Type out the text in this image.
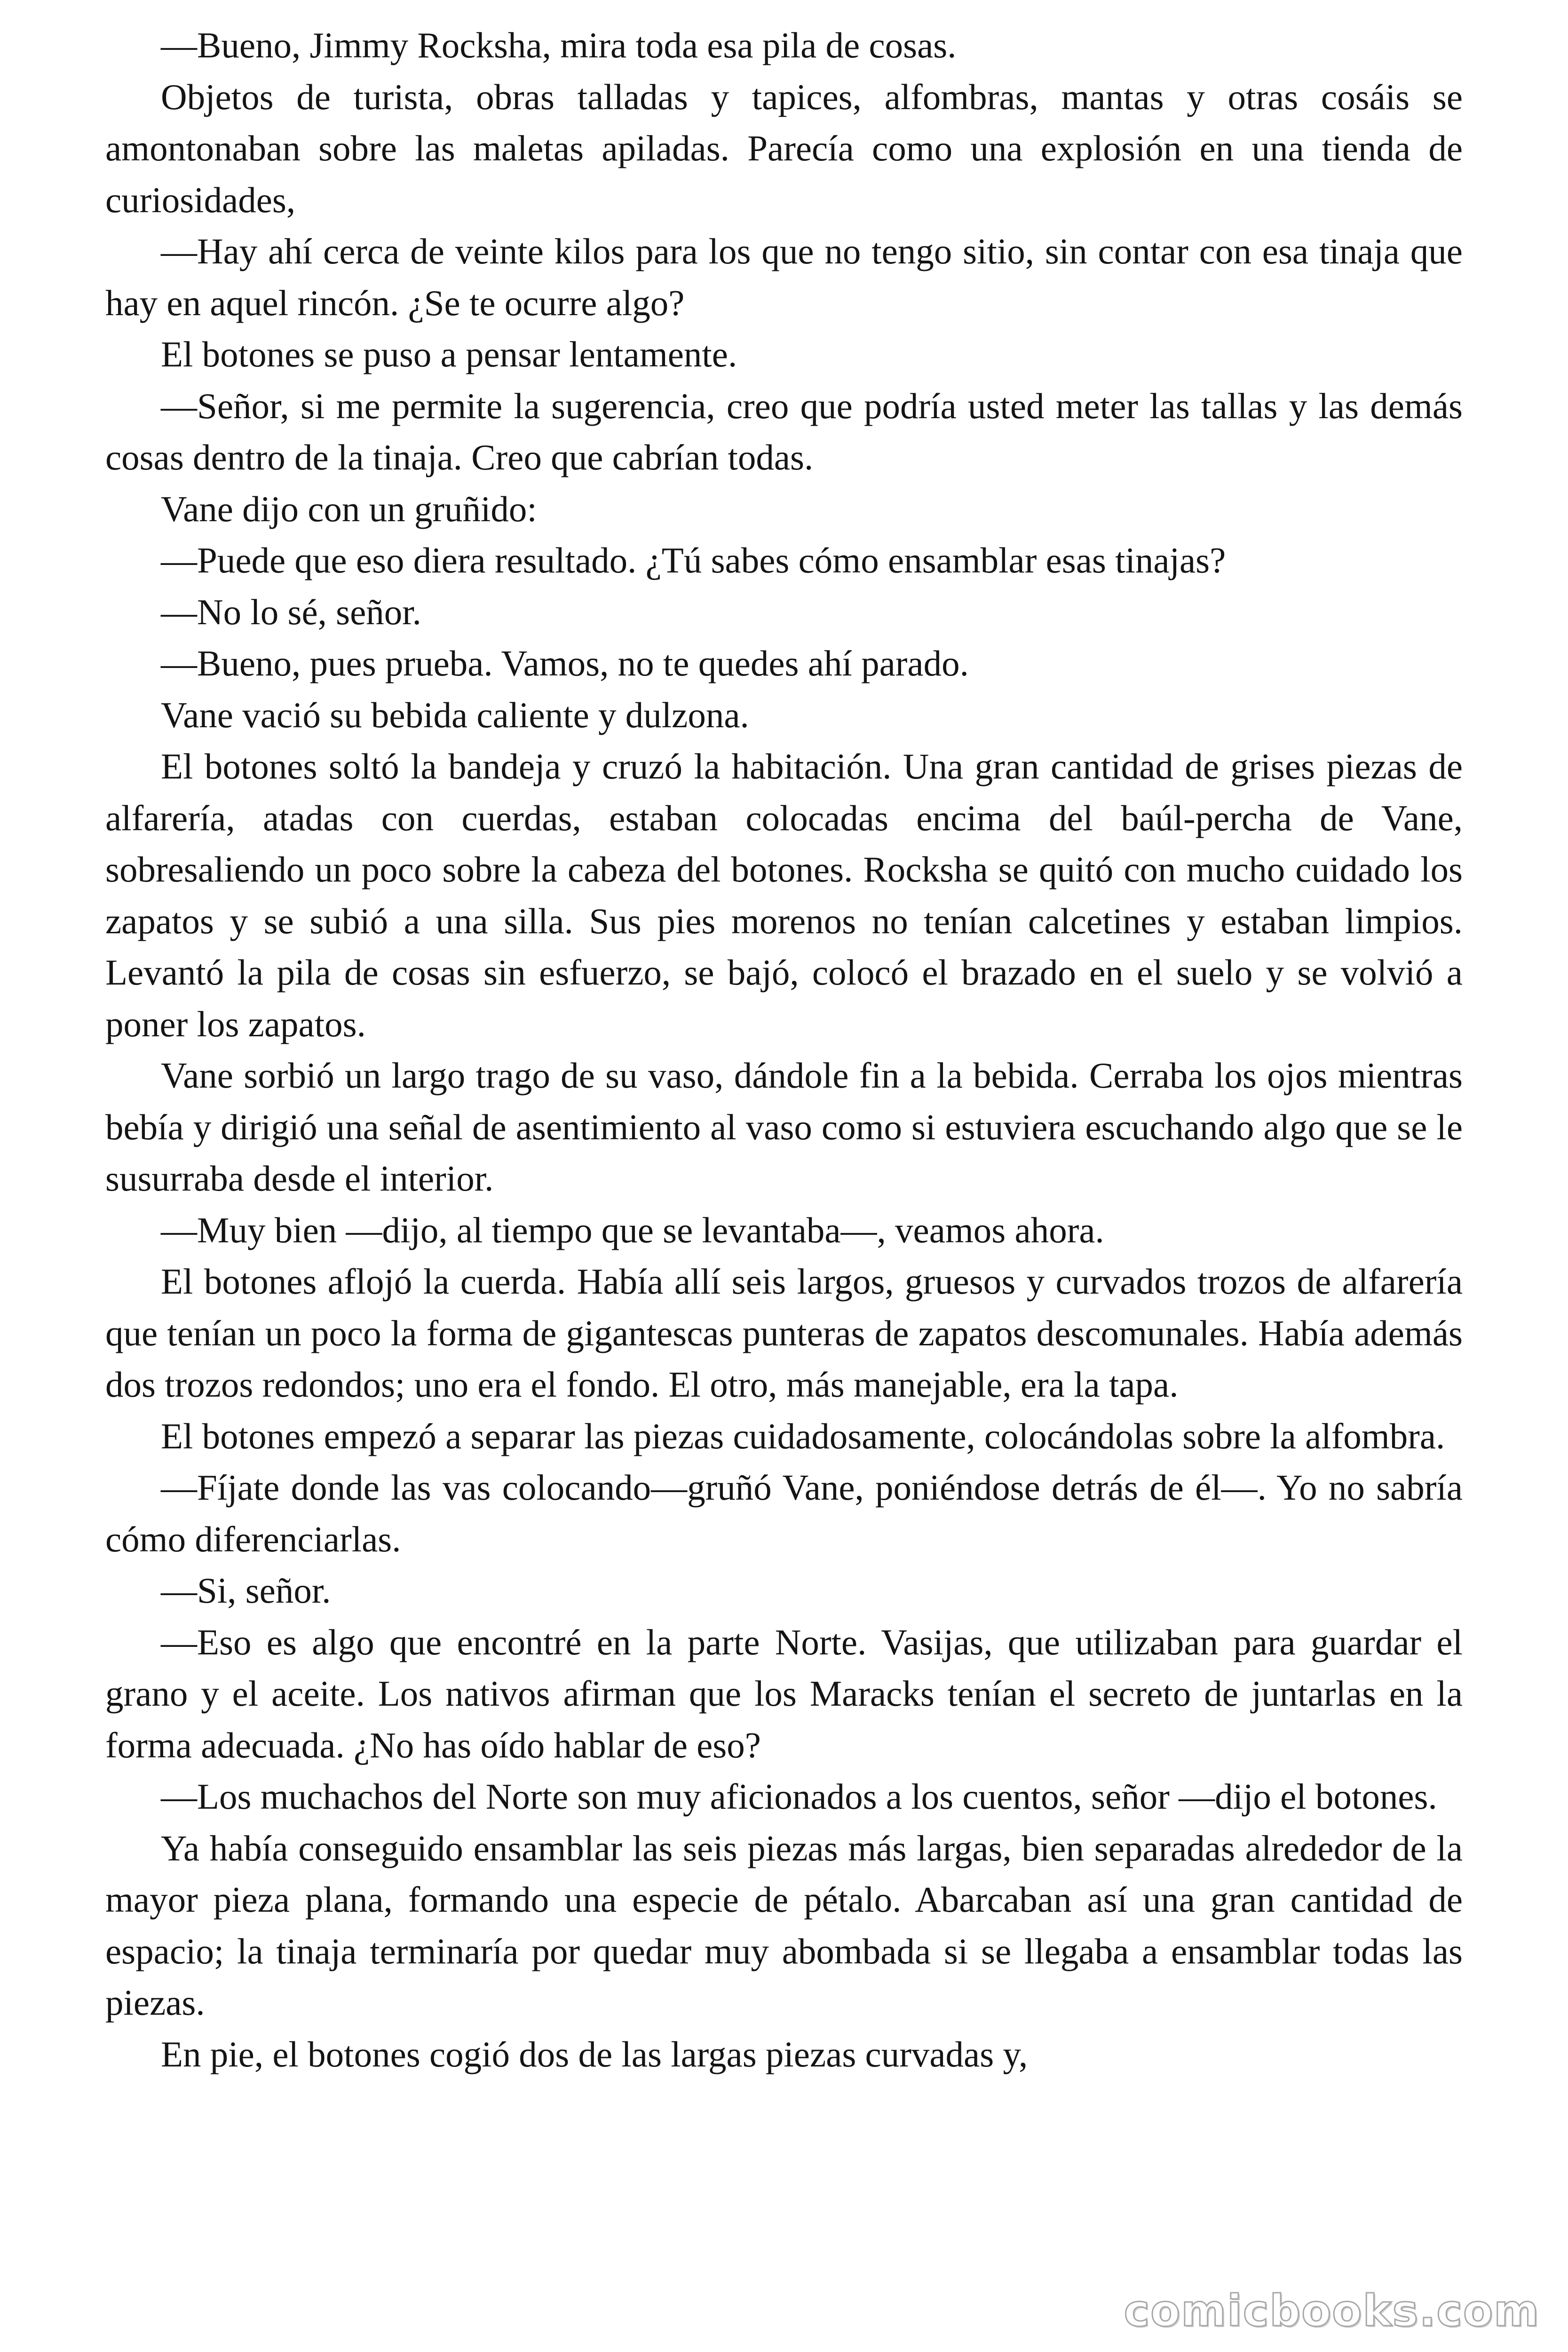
—Bueno, Jimmy Rocksha, mira toda esa pila de cosas.

Objetos de turista, obras talladas y tapices, alfombras, mantas y otras cosáis se amontonaban sobre las maletas apiladas. Parecía como una explosión en una tienda de curiosidades,

—Hay ahí cerca de veinte kilos para los que no tengo sitio, sin contar con esa tinaja que hay en aquel rincón. ¿Se te ocurre algo?

El botones se puso a pensar lentamente.

—Señor, si me permite la sugerencia, creo que podría usted meter las tallas y las demás cosas dentro de la tinaja. Creo que cabrían todas.

Vane dijo con un gruñido:

—Puede que eso diera resultado. ¿Tú sabes cómo ensamblar esas tinajas?

—No lo sé, señor.

—Bueno, pues prueba. Vamos, no te quedes ahí parado.

Vane vació su bebida caliente y dulzona.

El botones soltó la bandeja y cruzó la habitación. Una gran cantidad de grises piezas de alfarería, atadas con cuerdas, estaban colocadas encima del baúl-percha de Vane, sobresaliendo un poco sobre la cabeza del botones. Rocksha se quitó con mucho cuidado los zapatos y se subió a una silla. Sus pies morenos no tenían calcetines y estaban limpios. Levantó la pila de cosas sin esfuerzo, se bajó, colocó el brazado en el suelo y se volvió a poner los zapatos.

Vane sorbió un largo trago de su vaso, dándole fin a la bebida. Cerraba los ojos mientras bebía y dirigió una señal de asentimiento al vaso como si estuviera escuchando algo que se le susurraba desde el interior.

—Muy bien —dijo, al tiempo que se levantaba—, veamos ahora.

El botones aflojó la cuerda. Había allí seis largos, gruesos y curvados trozos de alfarería que tenían un poco la forma de gigantescas punteras de zapatos descomunales. Había además dos trozos redondos; uno era el fondo. El otro, más manejable, era la tapa.

El botones empezó a separar las piezas cuidadosamente, colocándolas sobre la alfombra.

—Fíjate donde las vas colocando—gruñó Vane, poniéndose detrás de él—. Yo no sabría cómo diferenciarlas.

—Si, señor.

—Eso es algo que encontré en la parte Norte. Vasijas, que utilizaban para guardar el grano y el aceite. Los nativos afirman que los Maracks tenían el secreto de juntarlas en la forma adecuada. ¿No has oído hablar de eso?

—Los muchachos del Norte son muy aficionados a los cuentos, señor —dijo el botones.

Ya había conseguido ensamblar las seis piezas más largas, bien separadas alrededor de la mayor pieza plana, formando una especie de pétalo. Abarcaban así una gran cantidad de espacio; la tinaja terminaría por quedar muy abombada si se llegaba a ensamblar todas las piezas.

En pie, el botones cogió dos de las largas piezas curvadas y,

comicbooks.com
